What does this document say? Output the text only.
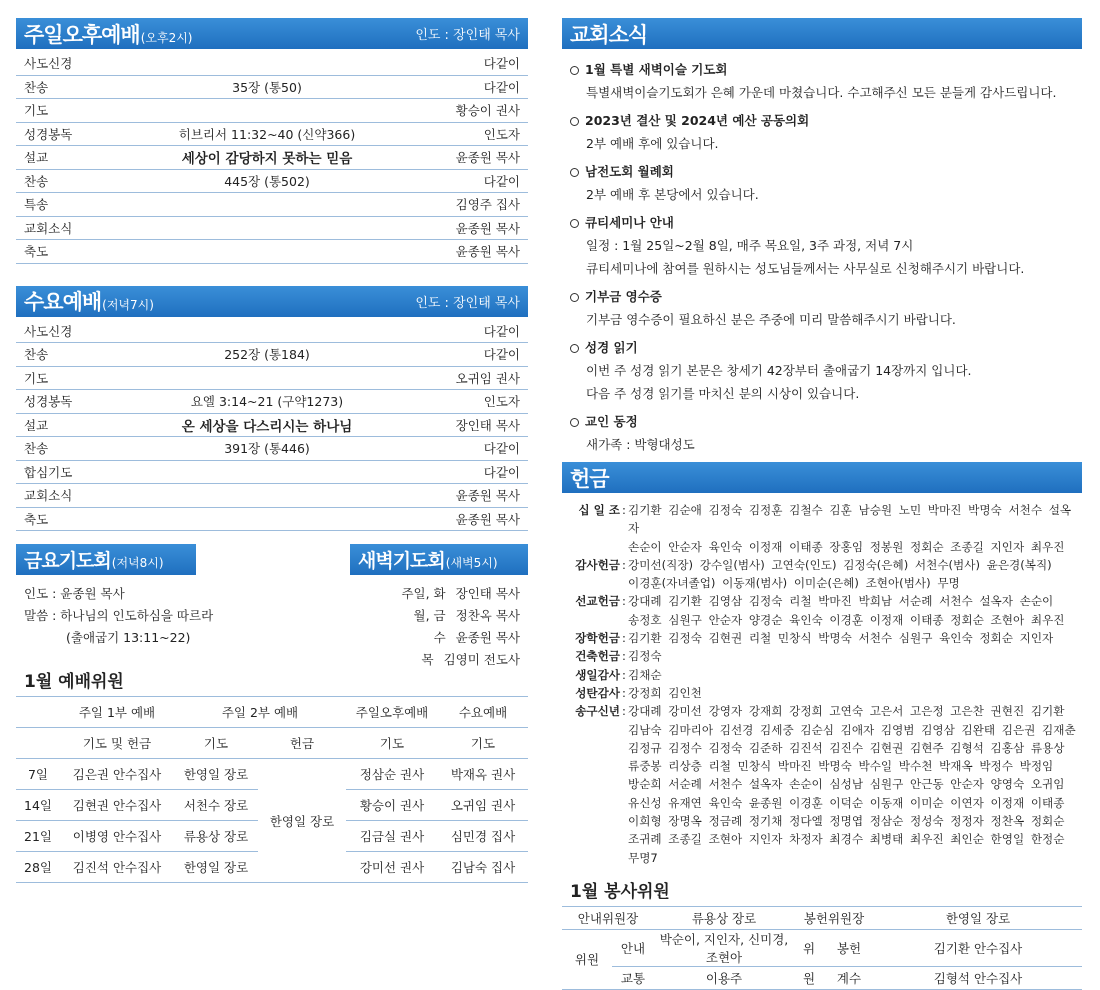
주일오후예배(오후2시)	인도 : 장인태 목사
사도신경	다같이
찬송	35장 (통50)	다같이
기도	황승이 권사
성경봉독	히브리서 11:32~40 (신약366)	인도자
설교	세상이 감당하지 못하는 믿음	윤종원 목사
찬송	445장 (통502)	다같이
특송	김영주 집사
교회소식	윤종원 목사
축도	윤종원 목사
수요예배(저녁7시)	인도 : 장인태 목사
사도신경	다같이
찬송	252장 (통184)	다같이
기도	오귀임 권사
성경봉독	요엘 3:14~21 (구약1273)	인도자
설교	온 세상을 다스리시는 하나님	장인태 목사
찬송	391장 (통446)	다같이
합심기도	다같이
교회소식	윤종원 목사
축도	윤종원 목사
금요기도회(저녁8시)	새벽기도회(새벽5시)
인도 : 윤종원 목사
말씀 : 하나님의 인도하심을 따르라
(출애굽기 13:11~22)
주일, 화 장인태 목사
월, 금 정찬옥 목사
수 윤종원 목사
목 김영미 전도사
1월 예배위원
	주일 1부 예배	주일 2부 예배		주일오후예배	수요예배
	기도 및 헌금	기도	헌금	기도	기도
7일	김은권 안수집사	한영일 장로	한영일 장로	정삼순 권사	박재옥 권사
14일	김현권 안수집사	서천수 장로		황승이 권사	오귀임 권사
21일	이병영 안수집사	류용상 장로		김금실 권사	심민경 집사
28일	김진석 안수집사	한영일 장로		강미선 권사	김남숙 집사
교회소식
1월 특별 새벽이슬 기도회
특별새벽이슬기도회가 은혜 가운데 마쳤습니다. 수고해주신 모든 분들게 감사드립니다.
2023년 결산 및 2024년 예산 공동의회
2부 예배 후에 있습니다.
남전도회 월례회
2부 예배 후 본당에서 있습니다.
큐티세미나 안내
일정 : 1월 25일~2월 8일, 매주 목요일, 3주 과정, 저녁 7시
큐티세미나에 참여를 원하시는 성도님들께서는 사무실로 신청해주시기 바랍니다.
기부금 영수증
기부금 영수증이 필요하신 분은 주중에 미리 말씀해주시기 바랍니다.
성경 읽기
이번 주 성경 읽기 본문은 창세기 42장부터 출애굽기 14장까지 입니다.
다음 주 성경 읽기를 마치신 분의 시상이 있습니다.
교인 동정
새가족 : 박형대성도
헌금
십 일 조 : 김기환 김순애 김정숙 김정훈 김철수 김훈 남승원 노민 박마진 박명숙 서천수 설옥자
손순이 안순자 육인숙 이정재 이태종 장홍임 정봉원 정회순 조종길 지인자 최우진
감사헌금 : 강미선(직장) 강수일(범사) 고연숙(인도) 김정숙(은혜) 서천수(범사) 윤은경(복직)
이경훈(자녀졸업) 이동재(범사) 이미순(은혜) 조현아(범사) 무명
선교헌금 : 강대례 김기환 김영삼 김정숙 리철 박마진 박희남 서순례 서천수 설옥자 손순이
송정호 심원구 안순자 양경순 육인숙 이경훈 이정재 이태종 정회순 조현아 최우진
장학헌금 : 김기환 김정숙 김현권 리철 민창식 박명숙 서천수 심원구 육인숙 정회순 지인자
건축헌금 : 김정숙
생일감사 : 김채순
성탄감사 : 강정희 김인천
송구신년 : 강대례 강미선 강영자 강재희 강정희 고연숙 고은서 고은정 고은찬 권현진 김기환
김남숙 김마리아 김선경 김세중 김순심 김애자 김영범 김영삼 김완태 김은권 김재춘
김정규 김정수 김정숙 김준하 김진석 김진수 김현권 김현주 김형석 김홍삼 류용상
류중봉 리상층 리철 민창식 박마진 박명숙 박수일 박수천 박재옥 박정수 박정임
방순희 서순례 서천수 설옥자 손순이 심성남 심원구 안근동 안순자 양영숙 오귀임
유신성 유재연 육인숙 윤종원 이경훈 이덕순 이동재 이미순 이연자 이정재 이태종
이희형 장명옥 정금례 정기채 정다엘 정명엽 정삼순 정성숙 정정자 정찬옥 정회순
조귀례 조종길 조현아 지인자 차정자 최경수 최병태 최우진 최인순 한영일 한정순
무명7
1월 봉사위원
안내위원장		류용상 장로	봉헌위원장		한영일 장로
위원	안내	박순이, 지인자, 신미경, 조현아	위	봉헌	김기환 안수집사
	교통	이용주	원	계수	김형석 안수집사
